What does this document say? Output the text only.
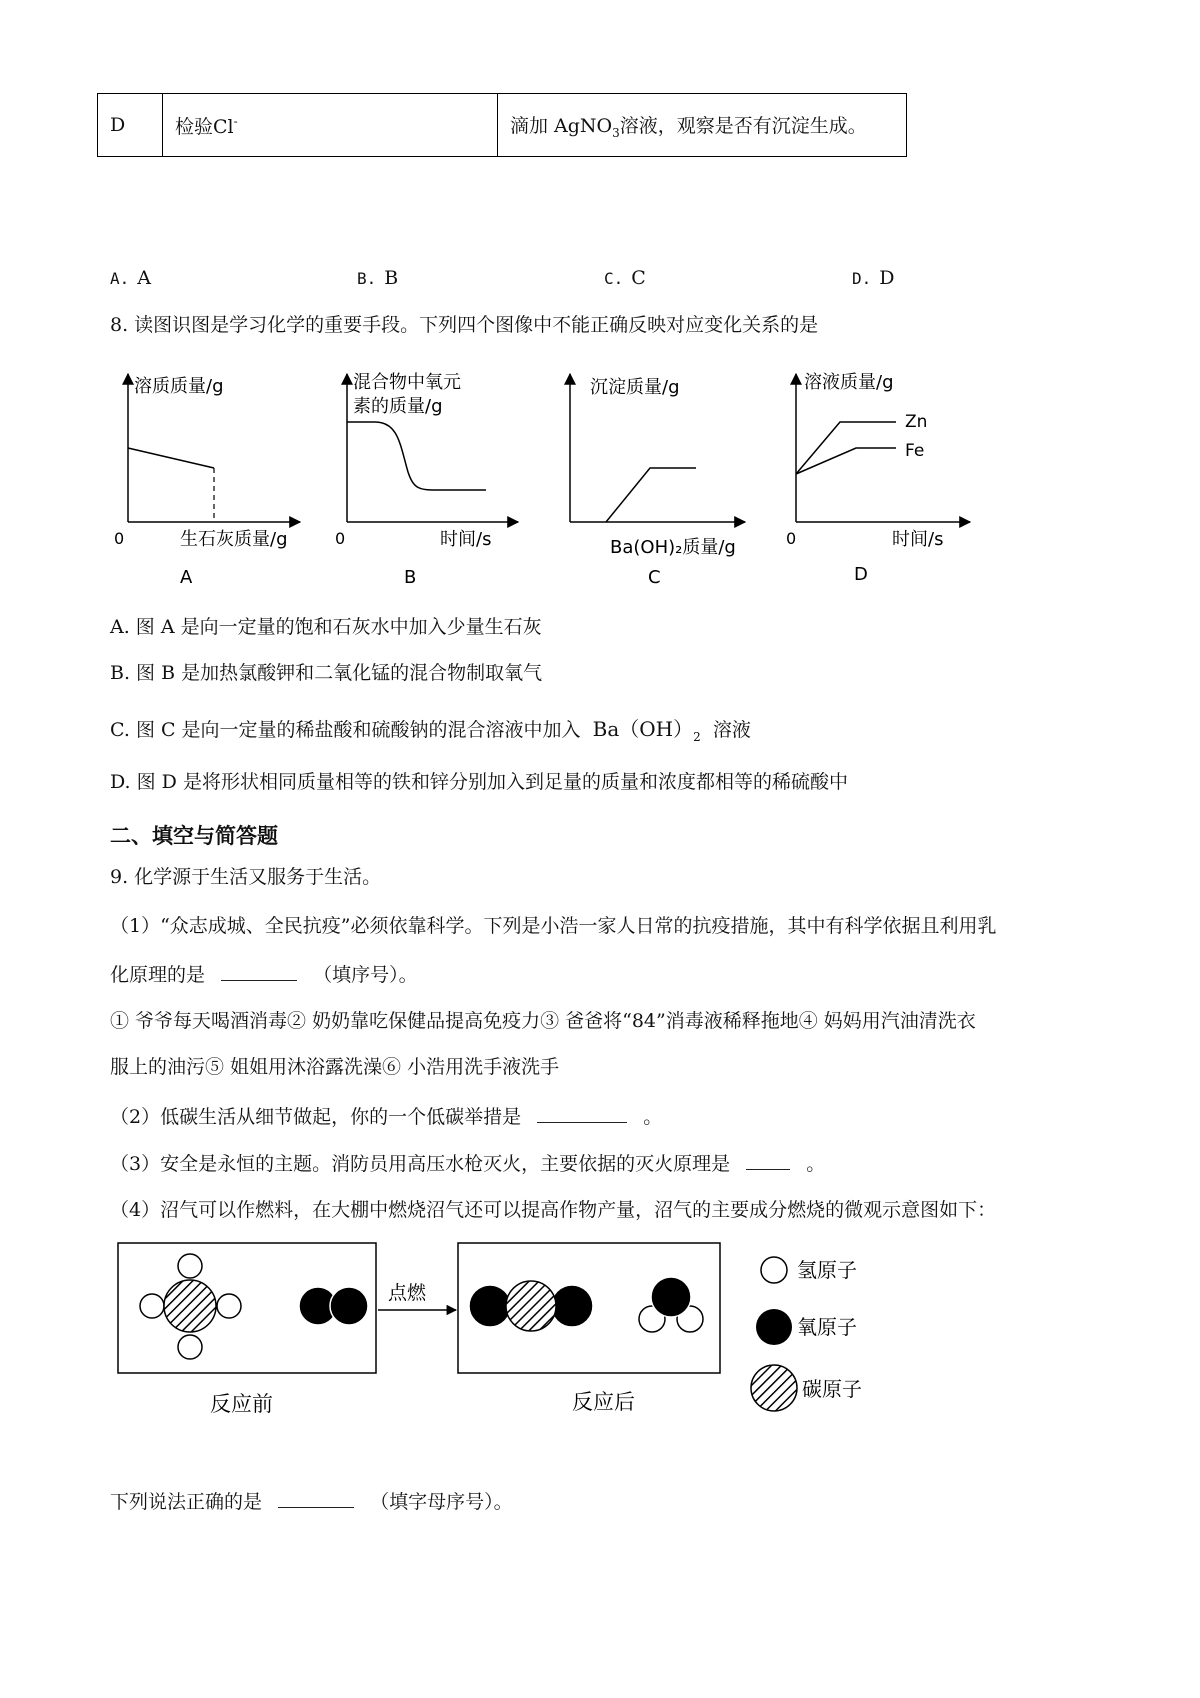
D	检验Cl-	滴加 AgNO$_3$溶液，观察是否有沉淀生成。
A. A	B. B	C. C	D. D
8. 读图识图是学习化学的重要手段。下列四个图像中不能正确反映对应变化关系的是
溶质质量/g
生石灰质量/g
0
A
混合物中氧元
素的质量/g
时间/s
0
B
沉淀质量/g
Ba(OH)₂质量/g
C
溶液质量/g
Zn
Fe
时间/s
0
D
A. 图 A 是向一定量的饱和石灰水中加入少量生石灰
B. 图 B 是加热氯酸钾和二氧化锰的混合物制取氧气
C. 图 C 是向一定量的稀盐酸和硫酸钠的混合溶液中加入 $Ba(OH)_2$ 溶液
D. 图 D 是将形状相同质量相等的铁和锌分别加入到足量的质量和浓度都相等的稀硫酸中
二、填空与简答题
9. 化学源于生活又服务于生活。
（1）“众志成城、全民抗疫”必须依靠科学。下列是小浩一家人日常的抗疫措施，其中有科学依据且利用乳
化原理的是	（填序号）。
① 爷爷每天喝酒消毒② 奶奶靠吃保健品提高免疫力③ 爸爸将“84”消毒液稀释拖地④ 妈妈用汽油清洗衣
服上的油污⑤ 姐姐用沐浴露洗澡⑥ 小浩用洗手液洗手
（2）低碳生活从细节做起，你的一个低碳举措是	。
（3）安全是永恒的主题。消防员用高压水枪灭火，主要依据的灭火原理是	。
（4）沼气可以作燃料，在大棚中燃烧沼气还可以提高作物产量，沼气的主要成分燃烧的微观示意图如下：
点燃
反应前	反应后
氢原子
氧原子
碳原子
下列说法正确的是	（填字母序号）。
